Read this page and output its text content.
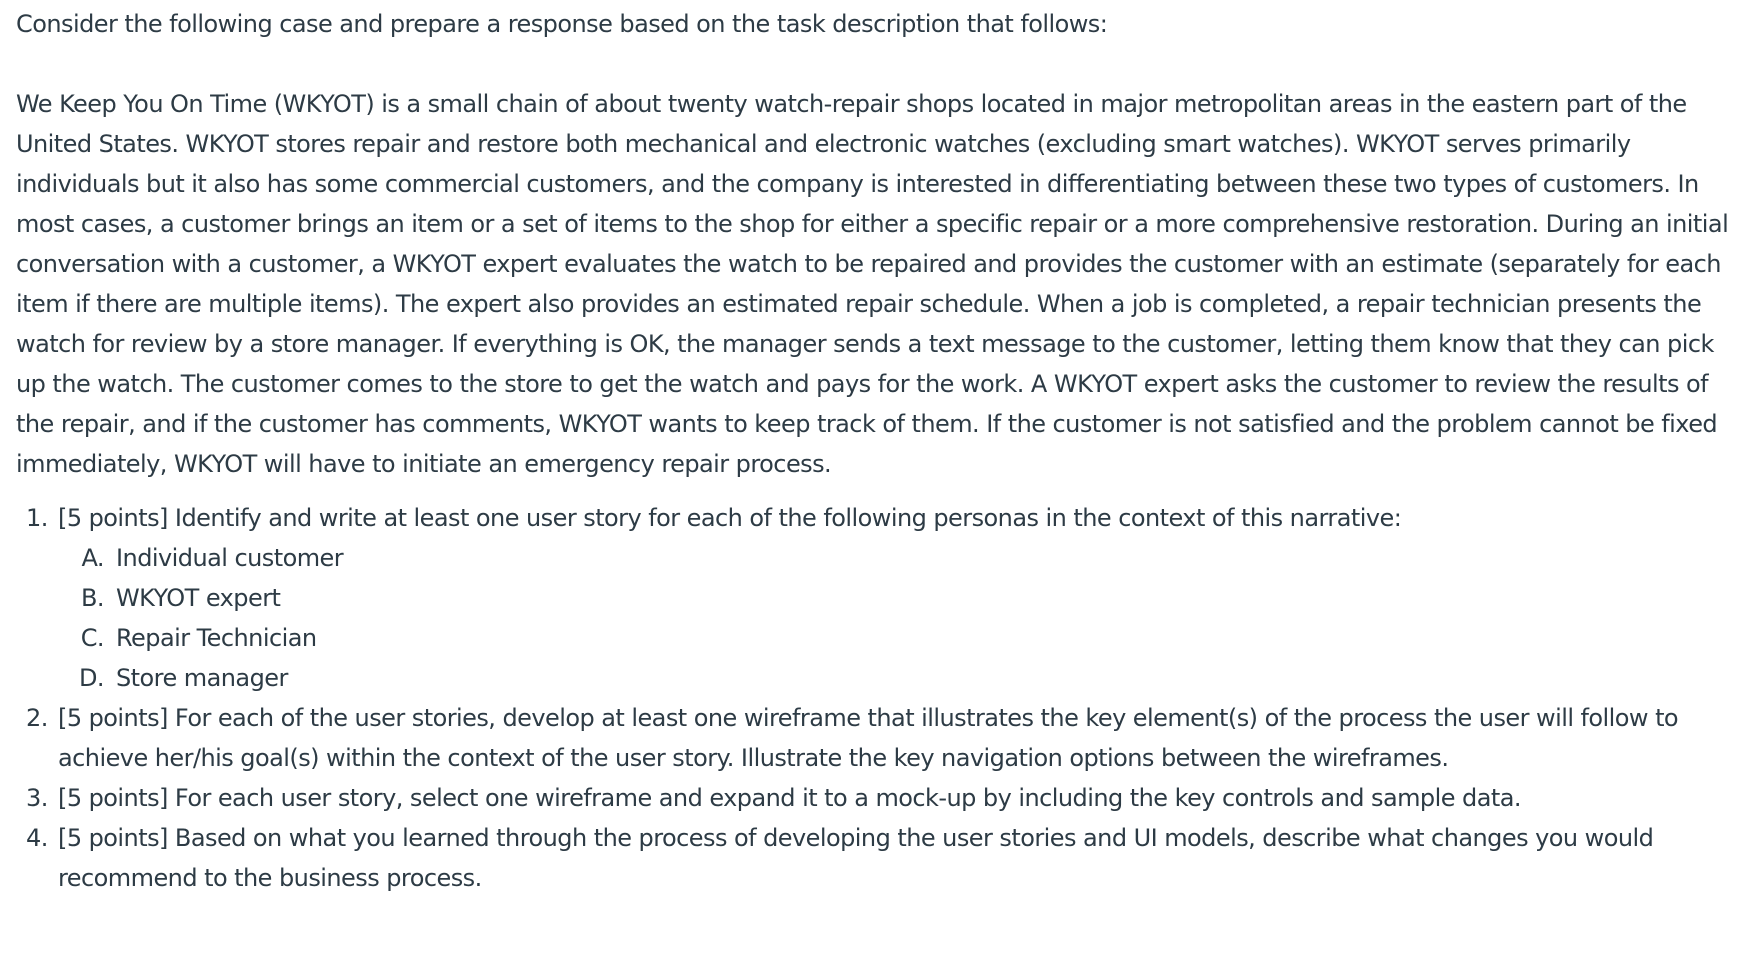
Consider the following case and prepare a response based on the task description that follows:

We Keep You On Time (WKYOT) is a small chain of about twenty watch-repair shops located in major metropolitan areas in the eastern part of the United States. WKYOT stores repair and restore both mechanical and electronic watches (excluding smart watches). WKYOT serves primarily individuals but it also has some commercial customers, and the company is interested in differentiating between these two types of customers. In most cases, a customer brings an item or a set of items to the shop for either a specific repair or a more comprehensive restoration. During an initial conversation with a customer, a WKYOT expert evaluates the watch to be repaired and provides the customer with an estimate (separately for each item if there are multiple items). The expert also provides an estimated repair schedule. When a job is completed, a repair technician presents the watch for review by a store manager. If everything is OK, the manager sends a text message to the customer, letting them know that they can pick up the watch. The customer comes to the store to get the watch and pays for the work. A WKYOT expert asks the customer to review the results of the repair, and if the customer has comments, WKYOT wants to keep track of them. If the customer is not satisfied and the problem cannot be fixed immediately, WKYOT will have to initiate an emergency repair process.

1. [5 points] Identify and write at least one user story for each of the following personas in the context of this narrative:
A. Individual customer
B. WKYOT expert
C. Repair Technician
D. Store manager
2. [5 points] For each of the user stories, develop at least one wireframe that illustrates the key element(s) of the process the user will follow to achieve her/his goal(s) within the context of the user story. Illustrate the key navigation options between the wireframes.
3. [5 points] For each user story, select one wireframe and expand it to a mock-up by including the key controls and sample data.
4. [5 points] Based on what you learned through the process of developing the user stories and UI models, describe what changes you would recommend to the business process.
